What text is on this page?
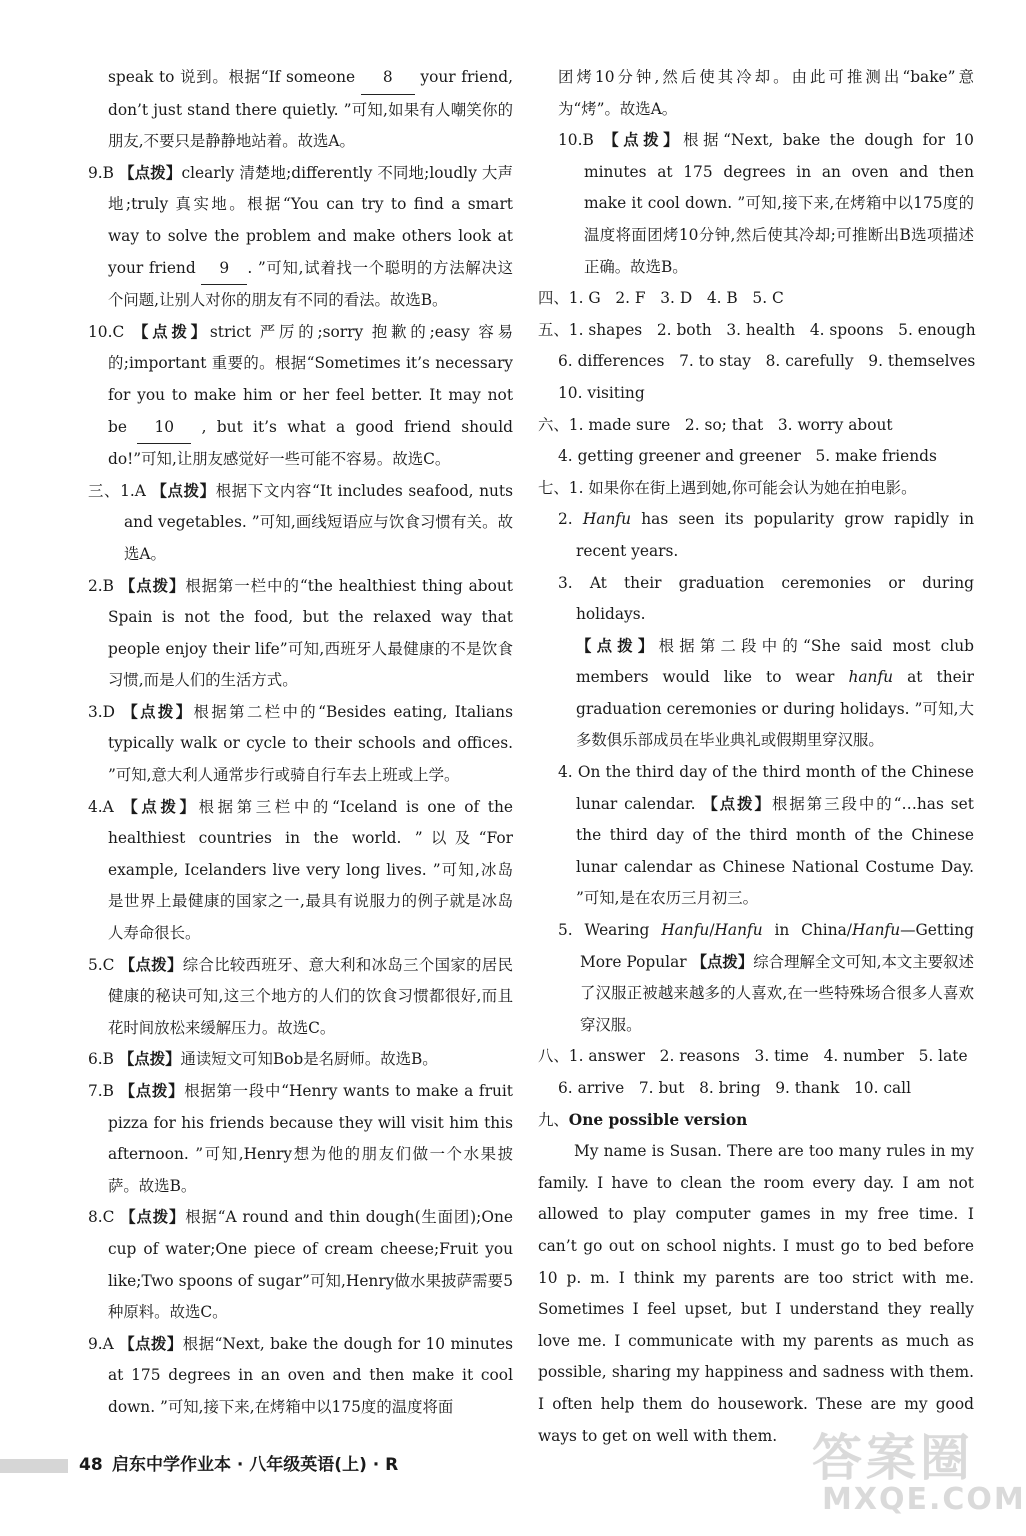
speak to 说到。根据“If someone 8 your friend, don’t just stand there quietly. ”可知,如果有人嘲笑你的朋友,不要只是静静地站着。故选A。

9.B 【点拨】clearly 清楚地;differently 不同地;loudly 大声地;truly 真实地。根据“You can try to find a smart way to solve the problem and make others look at your friend 9 . ”可知,试着找一个聪明的方法解决这个问题,让别人对你的朋友有不同的看法。故选B。

10.C 【点拨】strict 严厉的;sorry 抱歉的;easy 容易的;important 重要的。根据“Sometimes it’s necessary for you to make him or her feel better. It may not be 10 , but it’s what a good friend should do!”可知,让朋友感觉好一些可能不容易。故选C。

三、1.A 【点拨】根据下文内容“It includes seafood, nuts and vegetables. ”可知,画线短语应与饮食习惯有关。故选A。

2.B 【点拨】根据第一栏中的“the healthiest thing about Spain is not the food, but the relaxed way that people enjoy their life”可知,西班牙人最健康的不是饮食习惯,而是人们的生活方式。

3.D 【点拨】根据第二栏中的“Besides eating, Italians typically walk or cycle to their schools and offices. ”可知,意大利人通常步行或骑自行车去上班或上学。

4.A 【点拨】根据第三栏中的“Iceland is one of the healthiest countries in the world. ”以及“For example, Icelanders live very long lives. ”可知,冰岛是世界上最健康的国家之一,最具有说服力的例子就是冰岛人寿命很长。

5.C 【点拨】综合比较西班牙、意大利和冰岛三个国家的居民健康的秘诀可知,这三个地方的人们的饮食习惯都很好,而且花时间放松来缓解压力。故选C。

6.B 【点拨】通读短文可知Bob是名厨师。故选B。

7.B 【点拨】根据第一段中“Henry wants to make a fruit pizza for his friends because they will visit him this afternoon. ”可知,Henry想为他的朋友们做一个水果披萨。故选B。

8.C 【点拨】根据“A round and thin dough(生面团);One cup of water;One piece of cream cheese;Fruit you like;Two spoons of sugar”可知,Henry做水果披萨需要5种原料。故选C。

9.A 【点拨】根据“Next, bake the dough for 10 minutes at 175 degrees in an oven and then make it cool down. ”可知,接下来,在烤箱中以175度的温度将面

团烤10分钟,然后使其冷却。由此可推测出“bake”意为“烤”。故选A。

10.B 【点拨】根据“Next, bake the dough for 10 minutes at 175 degrees in an oven and then make it cool down. ”可知,接下来,在烤箱中以175度的温度将面团烤10分钟,然后使其冷却;可推断出B选项描述正确。故选B。

四、1. G   2. F   3. D   4. B   5. C

五、1. shapes   2. both   3. health   4. spoons   5. enough

6. differences   7. to stay   8. carefully   9. themselves

10. visiting

六、1. made sure   2. so; that   3. worry about

4. getting greener and greener   5. make friends

七、1. 如果你在街上遇到她,你可能会认为她在拍电影。

2. Hanfu has seen its popularity grow rapidly in recent years.

3. At their graduation ceremonies or during holidays.

【点拨】根据第二段中的“She said most club members would like to wear hanfu at their graduation ceremonies or during holidays. ”可知,大多数俱乐部成员在毕业典礼或假期里穿汉服。

4. On the third day of the third month of the Chinese lunar calendar. 【点拨】根据第三段中的“…has set the third day of the third month of the Chinese lunar calendar as Chinese National Costume Day. ”可知,是在农历三月初三。

5. Wearing Hanfu/Hanfu in China/Hanfu—Getting More Popular 【点拨】综合理解全文可知,本文主要叙述了汉服正被越来越多的人喜欢,在一些特殊场合很多人喜欢穿汉服。

八、1. answer   2. reasons   3. time   4. number   5. late

6. arrive   7. but   8. bring   9. thank   10. call

九、One possible version

My name is Susan. There are too many rules in my family. I have to clean the room every day. I am not allowed to play computer games in my free time. I can’t go out on school nights. I must go to bed before 10 p. m. I think my parents are too strict with me. Sometimes I feel upset, but I understand they really love me. I communicate with my parents as much as possible, sharing my happiness and sadness with them. I often help them do housework. These are my good ways to get on well with them.

48 启东中学作业本 · 八年级英语(上) · R	答案圈
MXQE.COM
